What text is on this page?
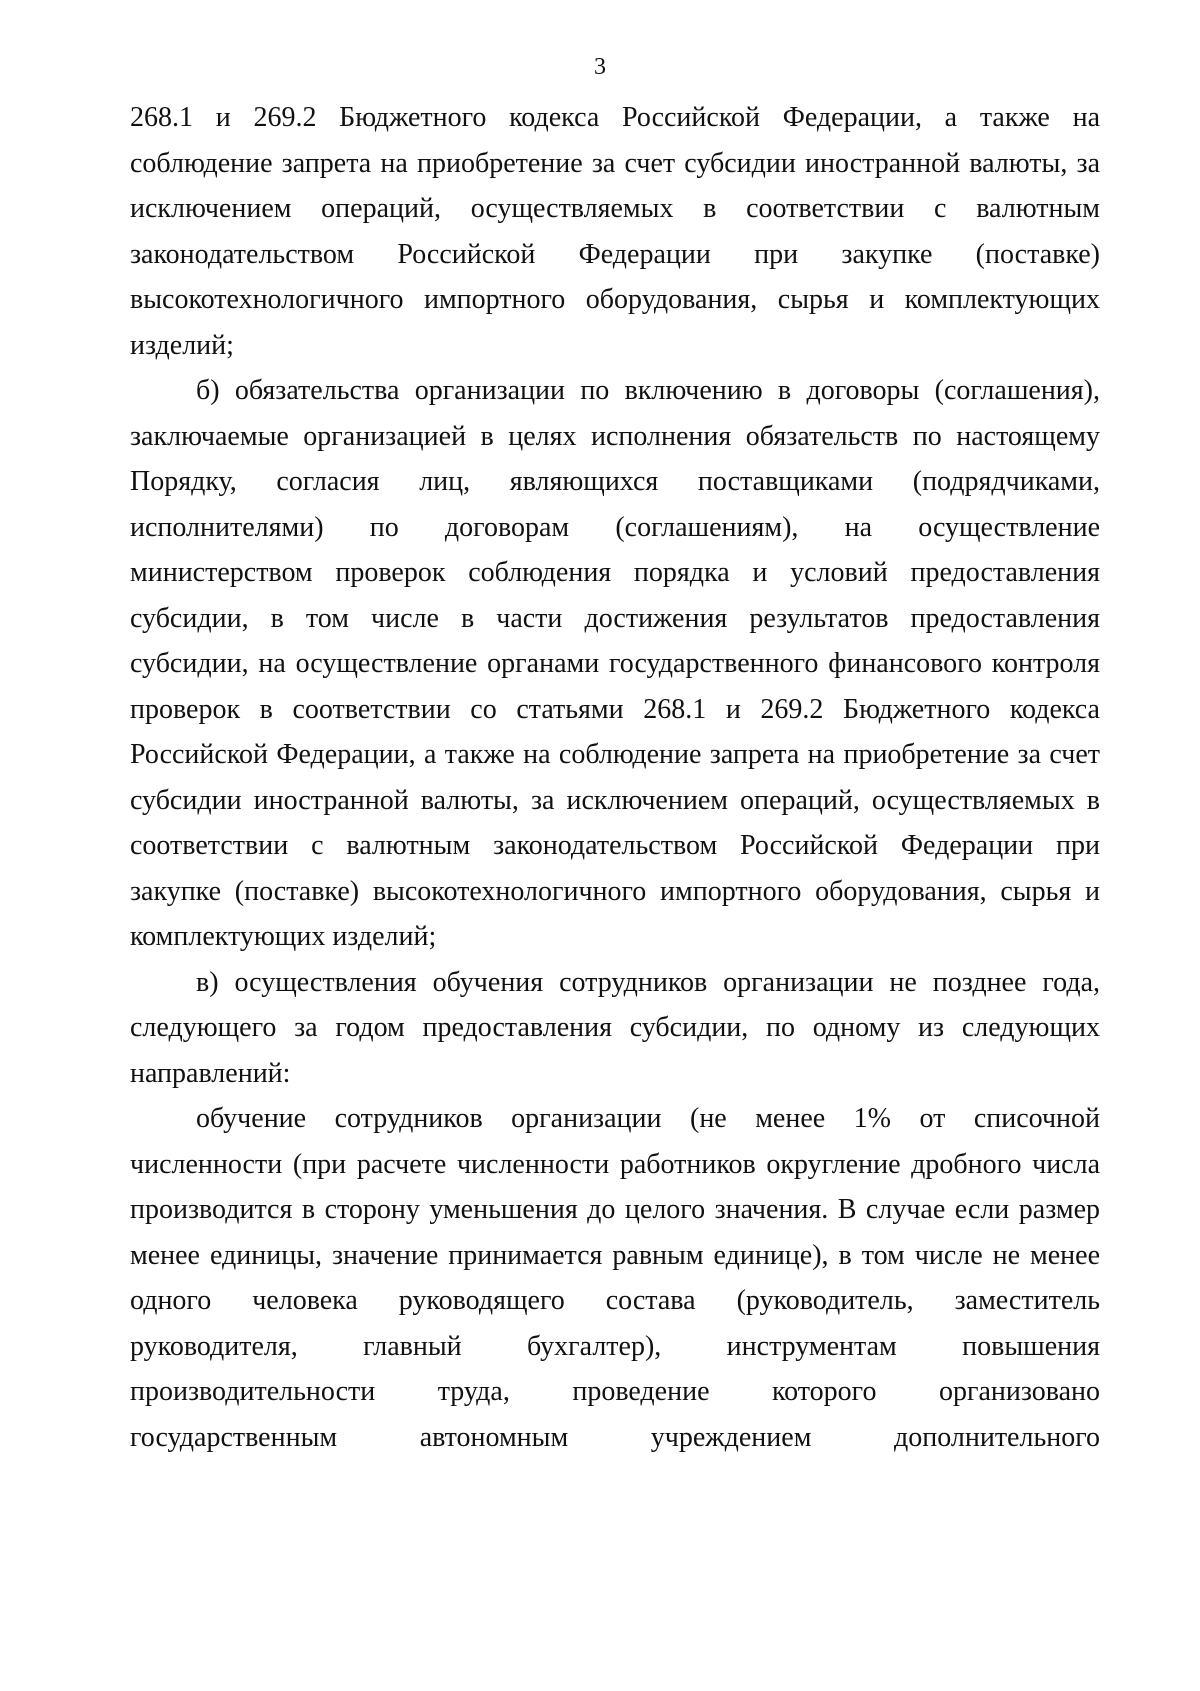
3
268.1 и 269.2 Бюджетного кодекса Российской Федерации, а также на
соблюдение запрета на приобретение за счет субсидии иностранной валюты, за
исключением операций, осуществляемых в соответствии с валютным
законодательством Российской Федерации при закупке (поставке)
высокотехнологичного импортного оборудования, сырья и комплектующих
изделий;
б) обязательства организации по включению в договоры (соглашения),
заключаемые организацией в целях исполнения обязательств по настоящему
Порядку, согласия лиц, являющихся поставщиками (подрядчиками,
исполнителями) по договорам (соглашениям), на осуществление
министерством проверок соблюдения порядка и условий предоставления
субсидии, в том числе в части достижения результатов предоставления
субсидии, на осуществление органами государственного финансового контроля
проверок в соответствии со статьями 268.1 и 269.2 Бюджетного кодекса
Российской Федерации, а также на соблюдение запрета на приобретение за счет
субсидии иностранной валюты, за исключением операций, осуществляемых в
соответствии с валютным законодательством Российской Федерации при
закупке (поставке) высокотехнологичного импортного оборудования, сырья и
комплектующих изделий;
в) осуществления обучения сотрудников организации не позднее года,
следующего за годом предоставления субсидии, по одному из следующих
направлений:
обучение сотрудников организации (не менее 1% от списочной
численности (при расчете численности работников округление дробного числа
производится в сторону уменьшения до целого значения. В случае если размер
менее единицы, значение принимается равным единице), в том числе не менее
одного человека руководящего состава (руководитель, заместитель
руководителя, главный бухгалтер), инструментам повышения
производительности труда, проведение которого организовано
государственным автономным учреждением дополнительного
